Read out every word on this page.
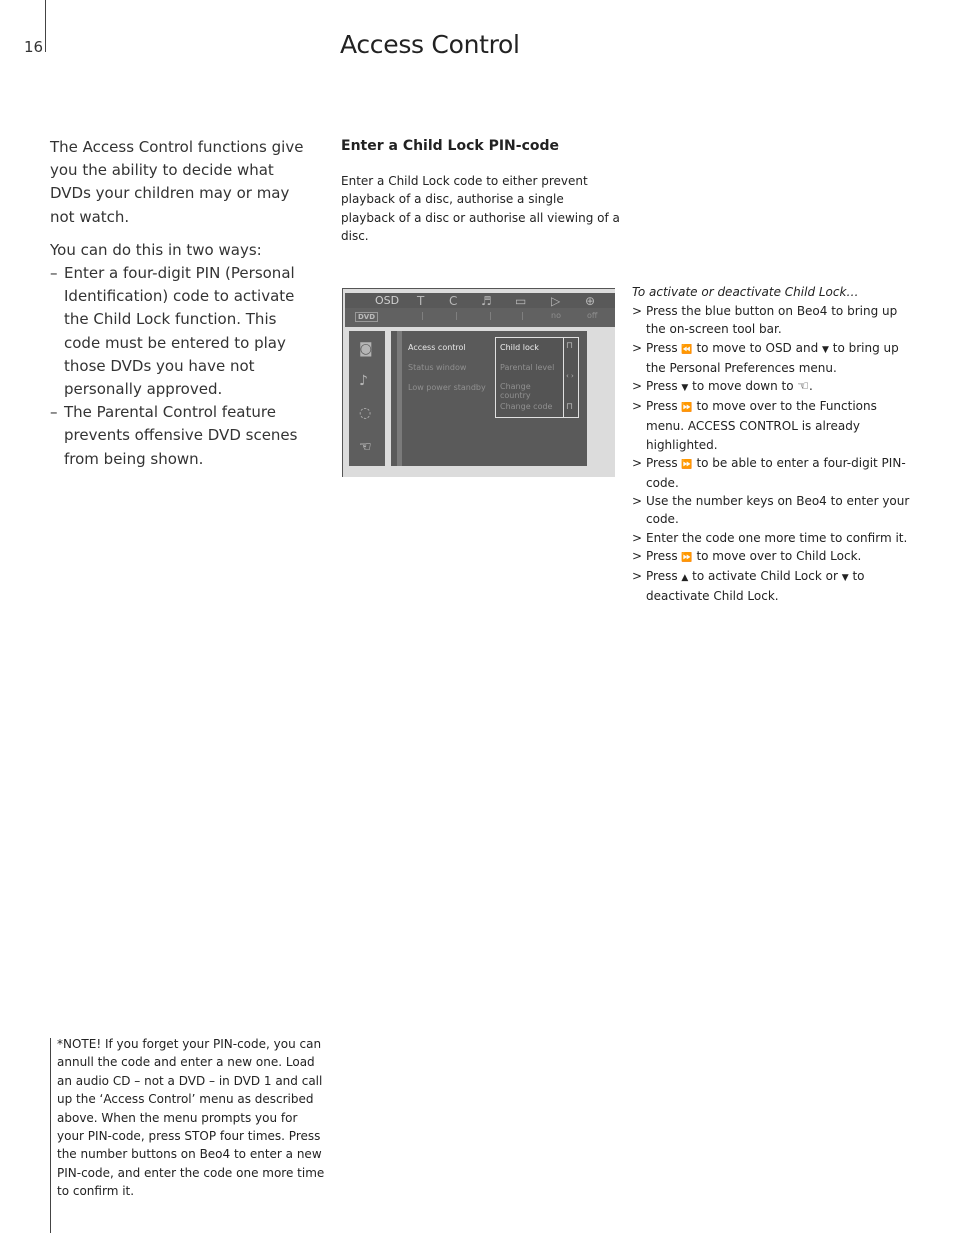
16	Access Control

The Access Control functions give you the ability to decide what DVDs your children may or may not watch.

You can do this in two ways:
– Enter a four-digit PIN (Personal Identification) code to activate the Child Lock function. This code must be entered to play those DVDs you have not personally approved.
– The Parental Control feature prevents offensive DVD scenes from being shown.
Enter a Child Lock PIN-code
Enter a Child Lock code to either prevent playback of a disc, authorise a single playback of a disc or authorise all viewing of a disc.
OSD T C ♬ ▭ ▷ ⊕
DVD	|	|	|	|	no	off
◙
♪
◌
☜
Access control
Status window
Low power standby
Child lock
Parental level
Change country
Change code
⊓
‹ ›
⊓
To activate or deactivate Child Lock…
> Press the blue button on Beo4 to bring up the on-screen tool bar.
> Press ⏪ to move to OSD and ▼ to bring up the Personal Preferences menu.
> Press ▼ to move down to ☜.
> Press ⏩ to move over to the Functions menu. ACCESS CONTROL is already highlighted.
> Press ⏩ to be able to enter a four-digit PIN-code.
> Use the number keys on Beo4 to enter your code.
> Enter the code one more time to confirm it.
> Press ⏩ to move over to Child Lock.
> Press ▲ to activate Child Lock or ▼ to deactivate Child Lock.
*NOTE! If you forget your PIN-code, you can annull the code and enter a new one. Load an audio CD – not a DVD – in DVD 1 and call up the ‘Access Control’ menu as described above. When the menu prompts you for your PIN-code, press STOP four times. Press the number buttons on Beo4 to enter a new PIN-code, and enter the code one more time to confirm it.
